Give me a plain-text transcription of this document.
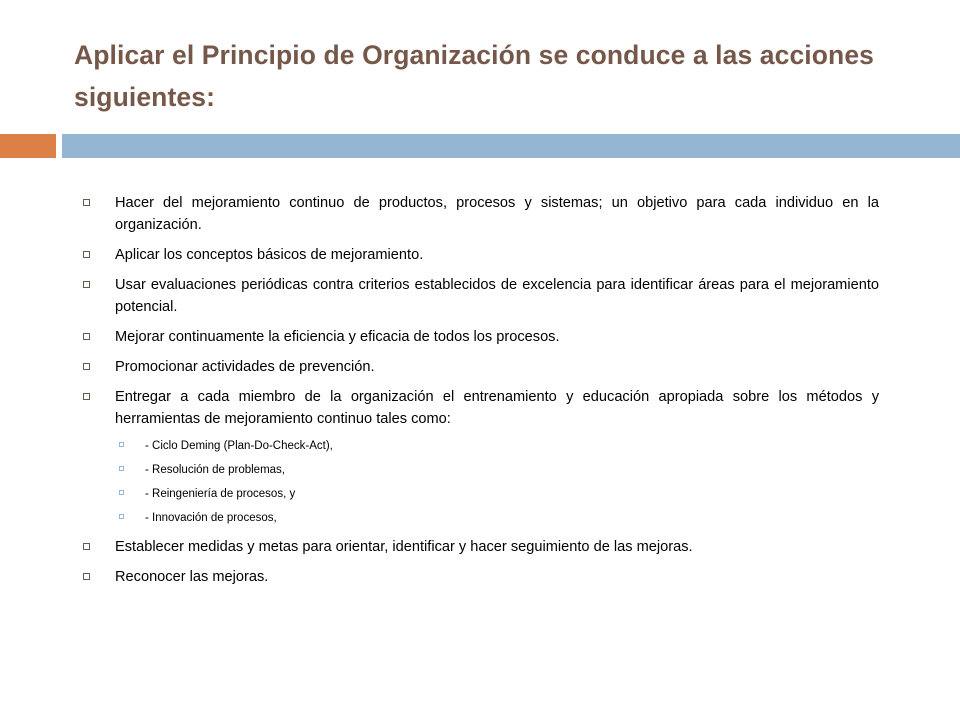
Aplicar el Principio de Organización se conduce a las acciones siguientes:
Hacer del mejoramiento continuo de productos, procesos y sistemas; un objetivo para cada individuo en la organización.
Aplicar los conceptos básicos de mejoramiento.
Usar evaluaciones periódicas contra criterios establecidos de excelencia para identificar áreas para el mejoramiento potencial.
Mejorar continuamente la eficiencia y eficacia de todos los procesos.
Promocionar actividades de prevención.
Entregar a cada miembro de la organización el entrenamiento y educación apropiada sobre los métodos y herramientas de mejoramiento continuo tales como:
- Ciclo Deming (Plan-Do-Check-Act),
- Resolución de problemas,
- Reingeniería de procesos, y
- Innovación de procesos,
Establecer medidas y metas para orientar, identificar y hacer seguimiento de las mejoras.
Reconocer las mejoras.
